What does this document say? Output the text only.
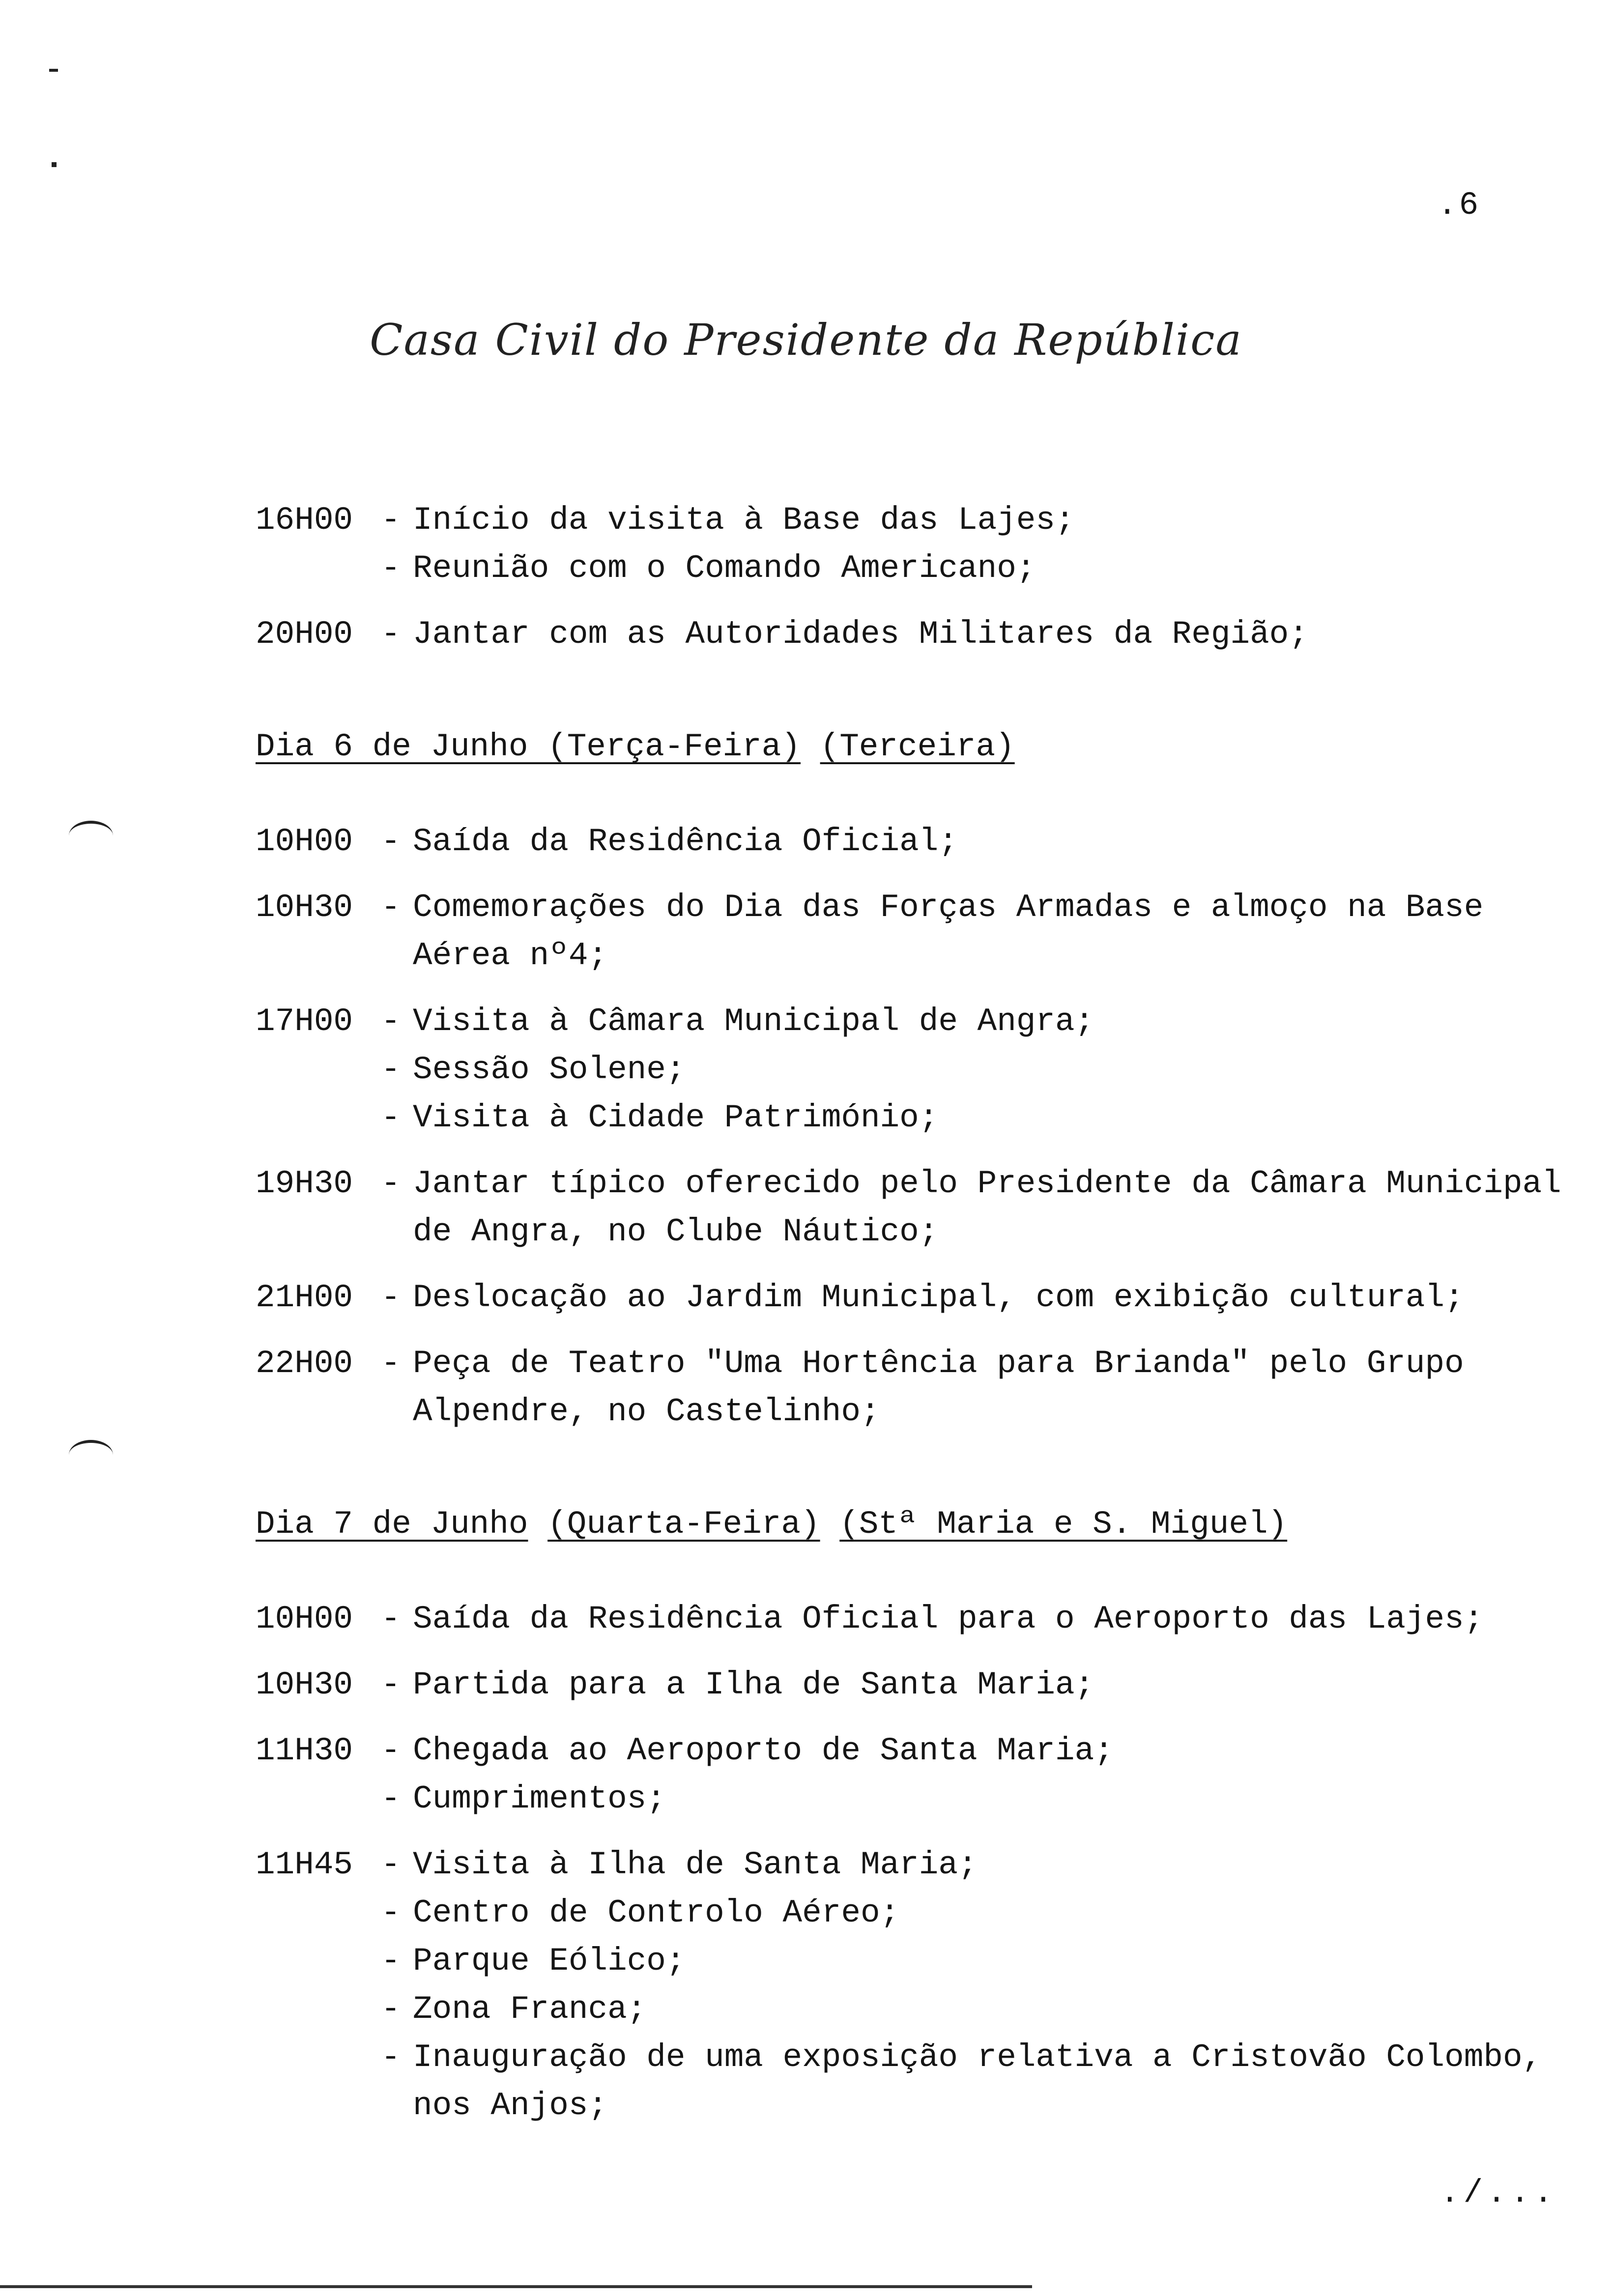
.6
Casa Civil do Presidente da República
16H00 - Início da visita à Base das Lajes;
- Reunião com o Comando Americano;
20H00 - Jantar com as Autoridades Militares da Região;
Dia 6 de Junho (Terça-Feira) (Terceira)
10H00 - Saída da Residência Oficial;
10H30 - Comemorações do Dia das Forças Armadas e almoço na Base
Aérea nº4;
17H00 - Visita à Câmara Municipal de Angra;
- Sessão Solene;
- Visita à Cidade Património;
19H30 - Jantar típico oferecido pelo Presidente da Câmara Municipal
de Angra, no Clube Náutico;
21H00 - Deslocação ao Jardim Municipal, com exibição cultural;
22H00 - Peça de Teatro "Uma Hortência para Brianda" pelo Grupo
Alpendre, no Castelinho;
Dia 7 de Junho (Quarta-Feira) (Stª Maria e S. Miguel)
10H00 - Saída da Residência Oficial para o Aeroporto das Lajes;
10H30 - Partida para a Ilha de Santa Maria;
11H30 - Chegada ao Aeroporto de Santa Maria;
- Cumprimentos;
11H45 - Visita à Ilha de Santa Maria;
- Centro de Controlo Aéreo;
- Parque Eólico;
- Zona Franca;
- Inauguração de uma exposição relativa a Cristovão Colombo,
nos Anjos;
./...
